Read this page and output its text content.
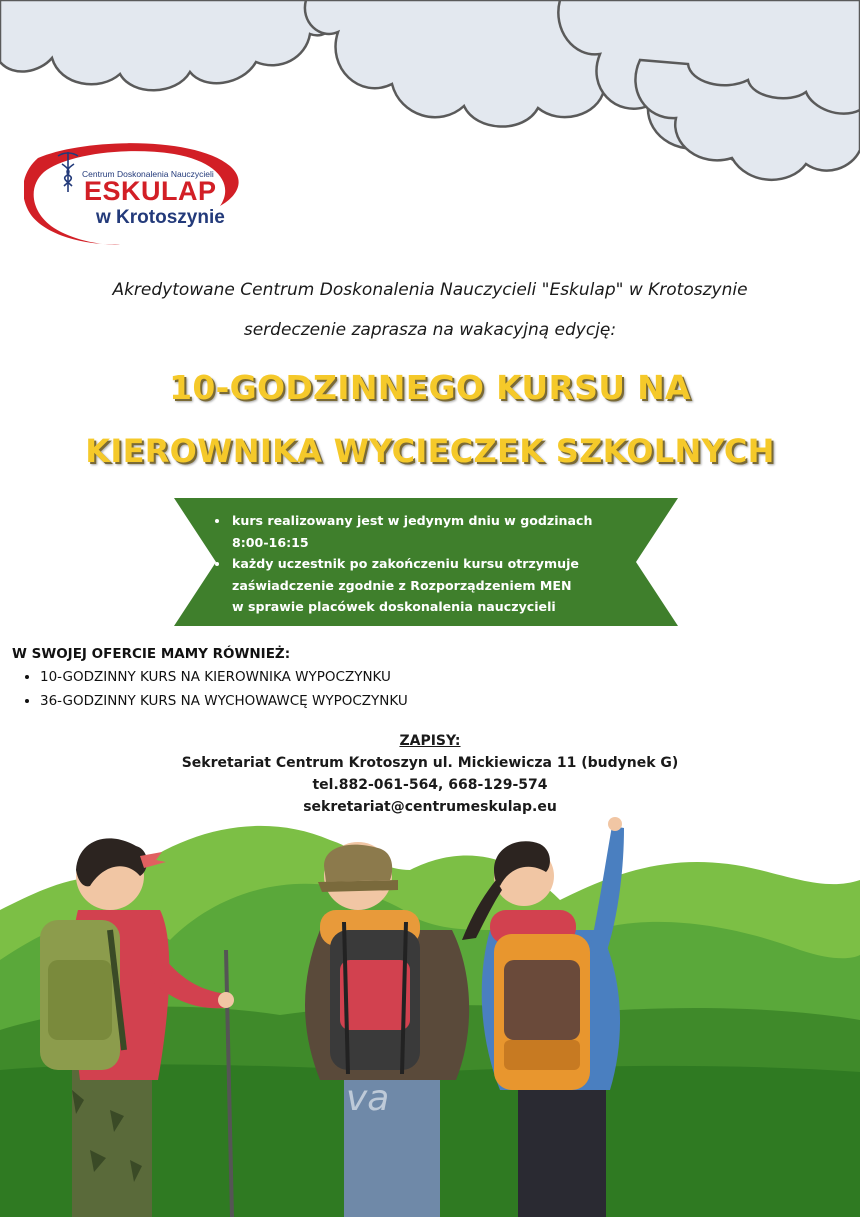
Centrum Doskonalenia Nauczycieli
ESKULAP
w Krotoszynie
Akredytowane Centrum Doskonalenia Nauczycieli "Eskulap" w Krotoszynie
serdeczenie zaprasza na wakacyjną edycję:
10-GODZINNEGO KURSU NA
KIEROWNIKA WYCIECZEK SZKOLNYCH
• kurs realizowany jest w jedynym dniu w godzinach
8:00-16:15
• każdy uczestnik po zakończeniu kursu otrzymuje
zaświadczenie zgodnie z Rozporządzeniem MEN
w sprawie placówek doskonalenia nauczycieli
W SWOJEJ OFERCIE MAMY RÓWNIEŻ:
• 10-GODZINNY KURS NA KIEROWNIKA WYPOCZYNKU
• 36-GODZINNY KURS NA WYCHOWAWCĘ WYPOCZYNKU
ZAPISY:
Sekretariat Centrum Krotoszyn ul. Mickiewicza 11 (budynek G)
tel.882-061-564, 668-129-574
sekretariat@centrumeskulap.eu
va
